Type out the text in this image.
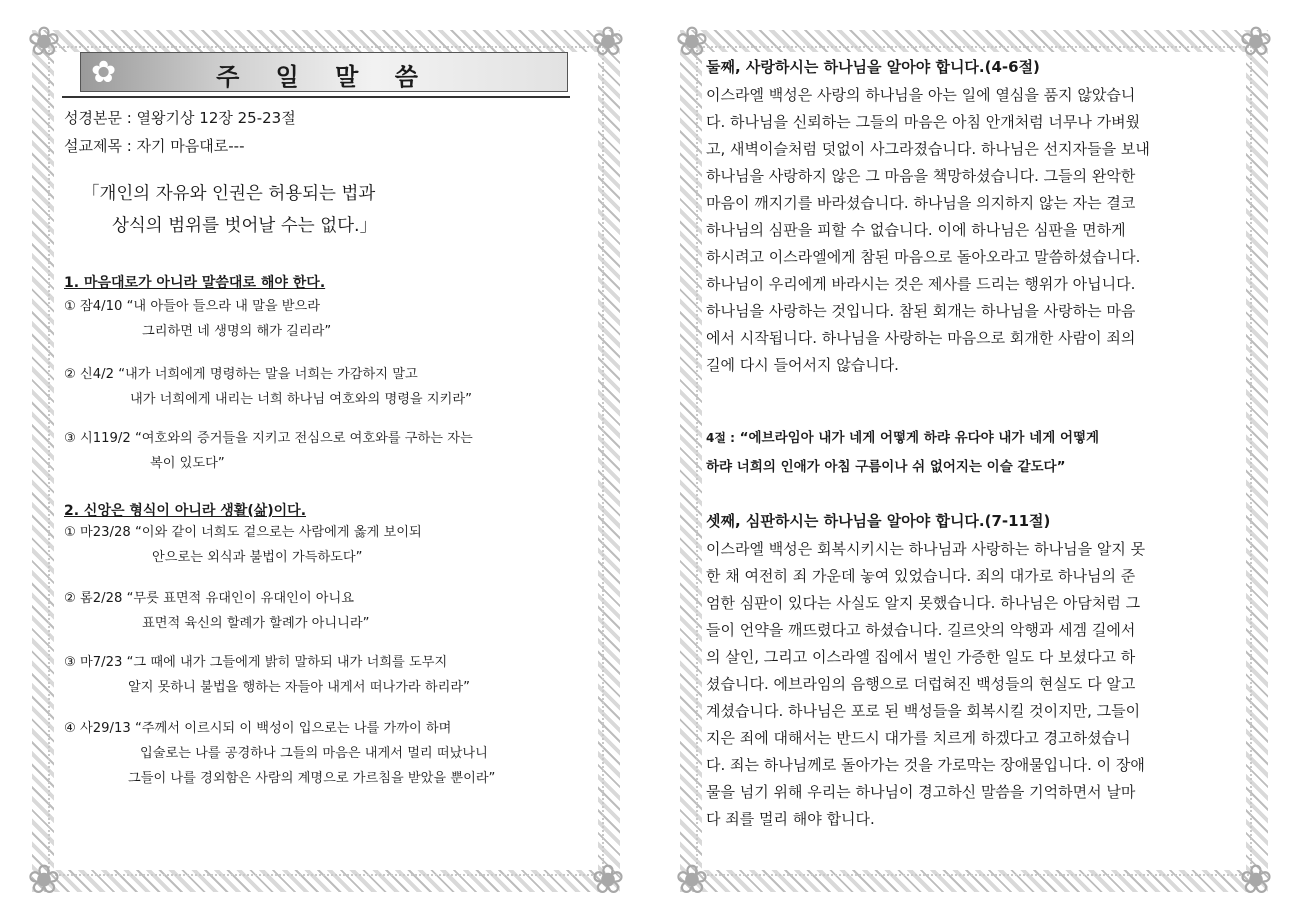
❀	❀
❀	❀
✿	주 일 말 씀
성경본문 : 열왕기상 12장 25-23절
설교제목 : 자기 마음대로---
「개인의 자유와 인권은 허용되는 법과
상식의 범위를 벗어날 수는 없다.」
1. 마음대로가 아니라 말씀대로 해야 한다.
① 잠4/10 “내 아들아 들으라 내 말을 받으라
그리하면 네 생명의 해가 길리라”
② 신4/2 “내가 너희에게 명령하는 말을 너희는 가감하지 말고
내가 너희에게 내리는 너희 하나님 여호와의 명령을 지키라”
③ 시119/2 “여호와의 증거들을 지키고 전심으로 여호와를 구하는 자는
복이 있도다”
2. 신앙은 형식이 아니라 생활(삶)이다.
① 마23/28 “이와 같이 너희도 겉으로는 사람에게 옳게 보이되
안으로는 외식과 불법이 가득하도다”
② 롬2/28 “무릇 표면적 유대인이 유대인이 아니요
표면적 육신의 할례가 할례가 아니니라”
③ 마7/23 “그 때에 내가 그들에게 밝히 말하되 내가 너희를 도무지
알지 못하니 불법을 행하는 자들아 내게서 떠나가라 하리라”
④ 사29/13 “주께서 이르시되 이 백성이 입으로는 나를 가까이 하며
입술로는 나를 공경하나 그들의 마음은 내게서 멀리 떠났나니
그들이 나를 경외함은 사람의 계명으로 가르침을 받았을 뿐이라”
❀	❀
❀	❀
둘째, 사랑하시는 하나님을 알아야 합니다.(4-6절)
이스라엘 백성은 사랑의 하나님을 아는 일에 열심을 품지 않았습니
다. 하나님을 신뢰하는 그들의 마음은 아침 안개처럼 너무나 가벼웠
고, 새벽이슬처럼 덧없이 사그라졌습니다. 하나님은 선지자들을 보내
하나님을 사랑하지 않은 그 마음을 책망하셨습니다. 그들의 완악한
마음이 깨지기를 바라셨습니다. 하나님을 의지하지 않는 자는 결코
하나님의 심판을 피할 수 없습니다. 이에 하나님은 심판을 면하게
하시려고 이스라엘에게 참된 마음으로 돌아오라고 말씀하셨습니다.
하나님이 우리에게 바라시는 것은 제사를 드리는 행위가 아닙니다.
하나님을 사랑하는 것입니다. 참된 회개는 하나님을 사랑하는 마음
에서 시작됩니다. 하나님을 사랑하는 마음으로 회개한 사람이 죄의
길에 다시 들어서지 않습니다.
4절 : “에브라임아 내가 네게 어떻게 하랴 유다야 내가 네게 어떻게
하랴 너희의 인애가 아침 구름이나 쉬 없어지는 이슬 같도다”
셋째, 심판하시는 하나님을 알아야 합니다.(7-11절)
이스라엘 백성은 회복시키시는 하나님과 사랑하는 하나님을 알지 못
한 채 여전히 죄 가운데 놓여 있었습니다. 죄의 대가로 하나님의 준
엄한 심판이 있다는 사실도 알지 못했습니다. 하나님은 아담처럼 그
들이 언약을 깨뜨렸다고 하셨습니다. 길르앗의 악행과 세겜 길에서
의 살인, 그리고 이스라엘 집에서 벌인 가증한 일도 다 보셨다고 하
셨습니다. 에브라임의 음행으로 더럽혀진 백성들의 현실도 다 알고
계셨습니다. 하나님은 포로 된 백성들을 회복시킬 것이지만, 그들이
지은 죄에 대해서는 반드시 대가를 치르게 하겠다고 경고하셨습니
다. 죄는 하나님께로 돌아가는 것을 가로막는 장애물입니다. 이 장애
물을 넘기 위해 우리는 하나님이 경고하신 말씀을 기억하면서 날마
다 죄를 멀리 해야 합니다.
